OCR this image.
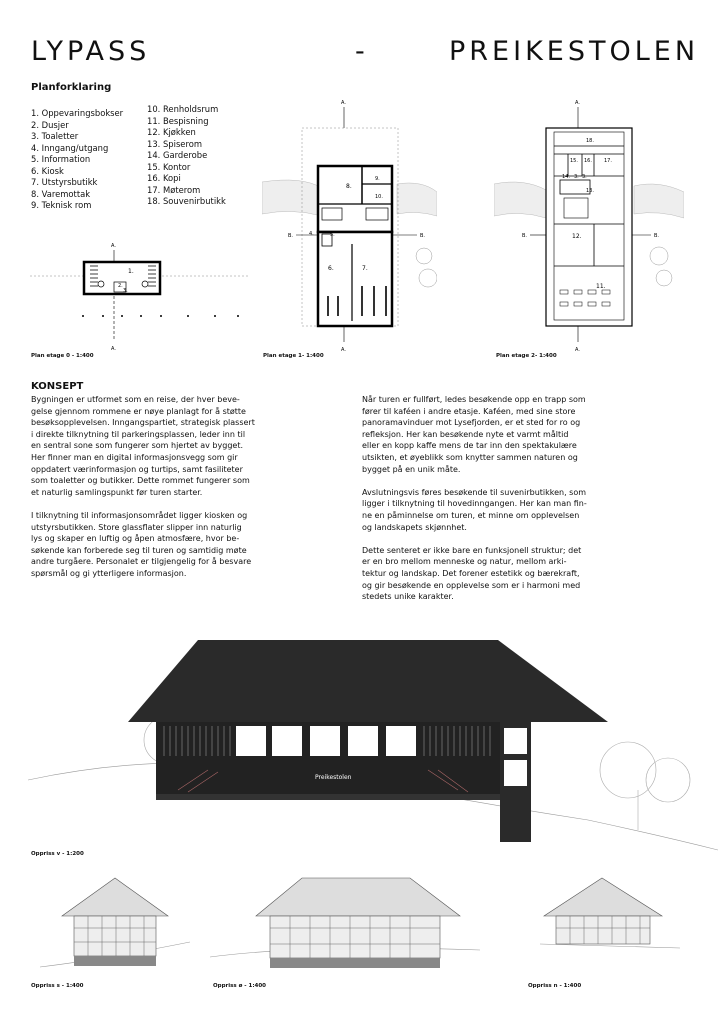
LYPASS	-	PREIKESTOLEN
Planforklaring
1. Oppevaringsbokser
2. Dusjer
3. Toaletter
4. Inngang/utgang
5. Information
6. Kiosk
7. Utstyrsbutikk
8. Varemottak
9. Teknisk rom
10. Renholdsrum
11. Bespisning
12. Kjøkken
13. Spiserom
14. Garderobe
15. Kontor
16. Kopi
17. Møterom
18. Souvenirbutikk
A.
1.
2.
3.
A.
Plan etage 0 - 1:400
A.
8.
9.
10.
4.	5.
6.	7.
B.	B.
A.
Plan etage 1- 1:400
A.
18.
15. 16. 17.
14. 3. 3.
13.
12.
11.
B.	B.
A.
Plan etage 2- 1:400
KONSEPT

Bygningen er utformet som en reise, der hver beve-
gelse gjennom rommene er nøye planlagt for å støtte
besøksopplevelsen. Inngangspartiet, strategisk plassert
i direkte tilknytning til parkeringsplassen, leder inn til
en sentral sone som fungerer som hjertet av bygget.
Her finner man en digital informasjonsvegg som gir
oppdatert værinformasjon og turtips, samt fasiliteter
som toaletter og butikker. Dette rommet fungerer som
et naturlig samlingspunkt før turen starter.

I tilknytning til informasjonsområdet ligger kiosken og
utstyrsbutikken. Store glassflater slipper inn naturlig
lys og skaper en luftig og åpen atmosfære, hvor be-
søkende kan forberede seg til turen og samtidig møte
andre turgåere. Personalet er tilgjengelig for å besvare
spørsmål og gi ytterligere informasjon.

Når turen er fullført, ledes besøkende opp en trapp som
fører til kaféen i andre etasje. Kaféen, med sine store
panoramavinduer mot Lysefjorden, er et sted for ro og
refleksjon. Her kan besøkende nyte et varmt måltid
eller en kopp kaffe mens de tar inn den spektakulære
utsikten, et øyeblikk som knytter sammen naturen og
bygget på en unik måte.

Avslutningsvis føres besøkende til suvenirbutikken, som
ligger i tilknytning til hovedinngangen. Her kan man fin-
ne en påminnelse om turen, et minne om opplevelsen
og landskapets skjønnhet.

Dette senteret er ikke bare en funksjonell struktur; det
er en bro mellom menneske og natur, mellom arki-
tektur og landskap. Det forener estetikk og bærekraft,
og gir besøkende en opplevelse som er i harmoni med
stedets unike karakter.

Preikestolen
Oppriss v - 1:200
Oppriss s - 1:400	Oppriss ø - 1:400	Oppriss n - 1:400
